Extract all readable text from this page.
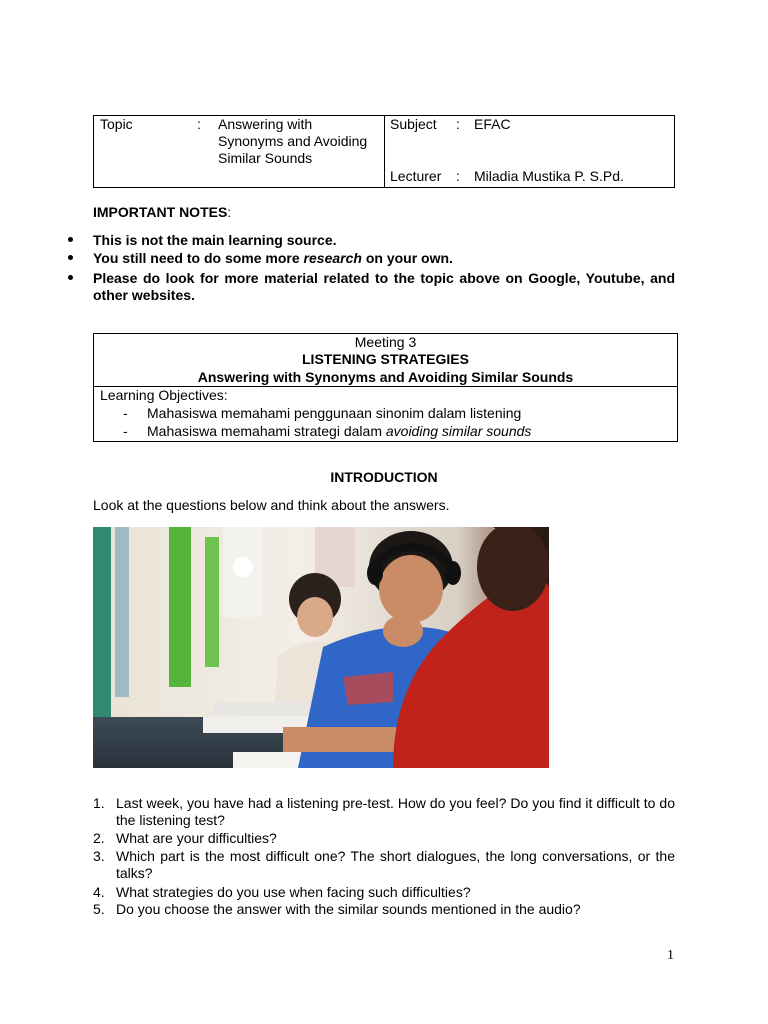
Topic	: Answering with
Synonyms and Avoiding
Similar Sounds
Subject : EFAC
Lecturer : Miladia Mustika P. S.Pd.
IMPORTANT NOTES:
This is not the main learning source.
You still need to do some more research on your own.
Please do look for more material related to the topic above on Google, Youtube, and
other websites.
Meeting 3
LISTENING STRATEGIES
Answering with Synonyms and Avoiding Similar Sounds
Learning Objectives:
- Mahasiswa memahami penggunaan sinonim dalam listening
- Mahasiswa memahami strategi dalam avoiding similar sounds
INTRODUCTION
Look at the questions below and think about the answers.
1. Last week, you have had a listening pre-test. How do you feel? Do you find it difficult to do
the listening test?
2. What are your difficulties?
3. Which part is the most difficult one? The short dialogues, the long conversations, or the
talks?
4. What strategies do you use when facing such difficulties?
5. Do you choose the answer with the similar sounds mentioned in the audio?
1
